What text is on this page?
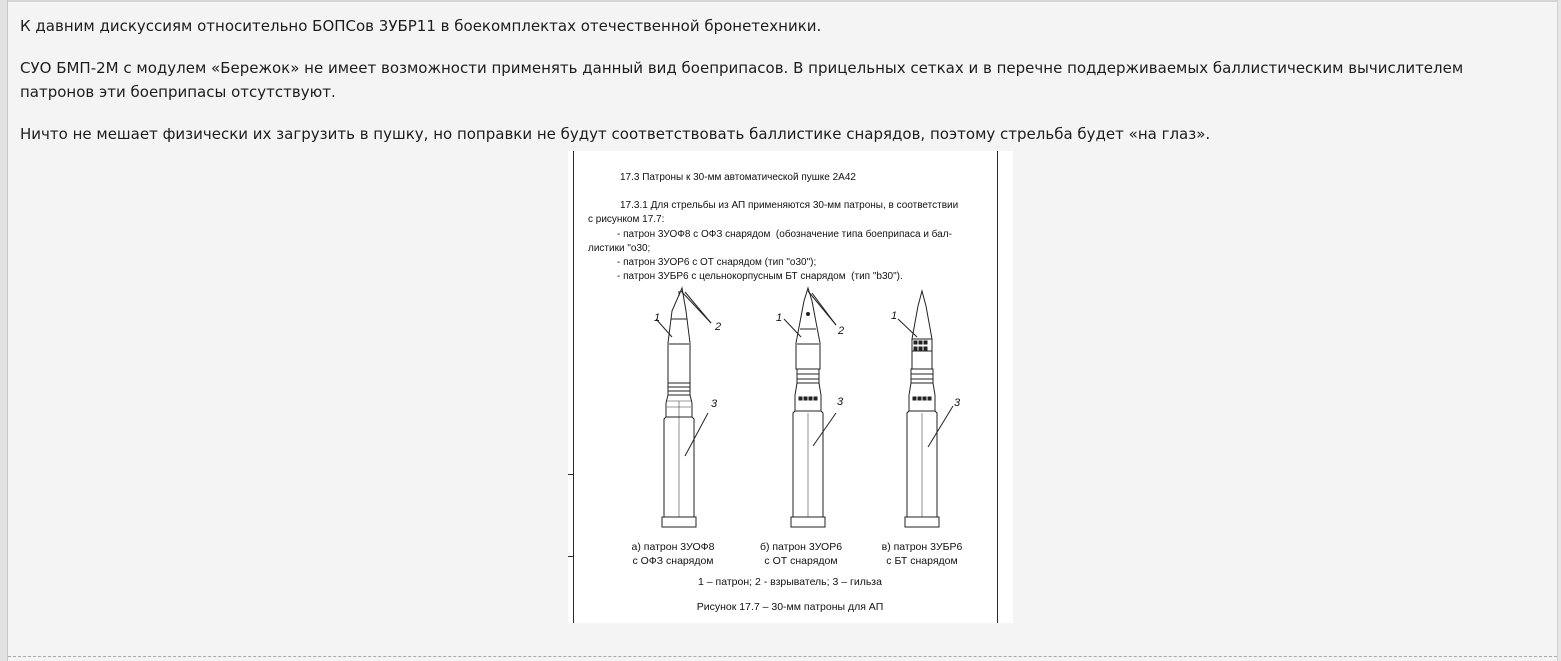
К давним дискуссиям относительно БОПСов 3УБР11 в боекомплектах отечественной бронетехники.

СУО БМП-2М с модулем «Бережок» не имеет возможности применять данный вид боеприпасов. В прицельных сетках и в перечне поддерживаемых баллистическим вычислителем патронов эти боеприпасы отсутствуют.

Ничто не мешает физически их загрузить в пушку, но поправки не будут соответствовать баллистике снарядов, поэтому стрельба будет «на глаз».

17.3 Патроны к 30-мм автоматической пушке 2А42
17.3.1 Для стрельбы из АП применяются 30-мм патроны, в соответствии
с рисунком 17.7:
- патрон 3УОФ8 с ОФЗ снарядом  (обозначение типа боеприпаса и бал-
листики "о30;
- патрон 3УОР6 с ОТ снарядом (тип "о30");
- патрон 3УБР6 с цельнокорпусным БТ снарядом  (тип "b30").
1
2
3
1
2
3
1
3
а) патрон 3УОФ8
с ОФЗ снарядом
б) патрон 3УОР6
с ОТ снарядом
в) патрон 3УБР6
с БТ снарядом
1 – патрон; 2 - взрыватель; 3 – гильза
Рисунок 17.7 – 30-мм патроны для АП
